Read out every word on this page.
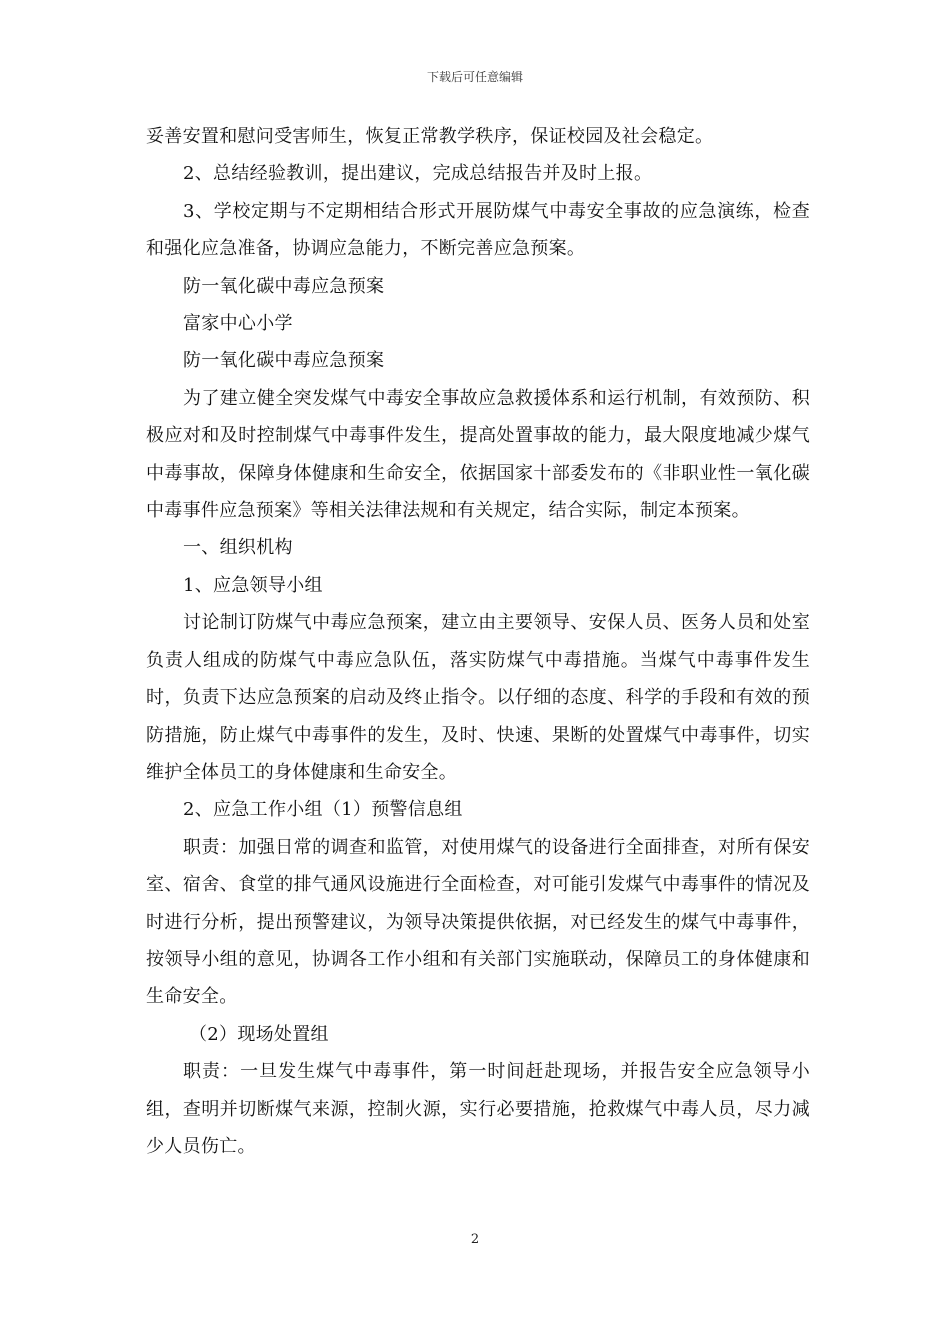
下载后可任意编辑

妥善安置和慰问受害师生，恢复正常教学秩序，保证校园及社会稳定。

2、总结经验教训，提出建议，完成总结报告并及时上报。

3、学校定期与不定期相结合形式开展防煤气中毒安全事故的应急演练，检查和强化应急准备，协调应急能力，不断完善应急预案。

防一氧化碳中毒应急预案

富家中心小学

防一氧化碳中毒应急预案

为了建立健全突发煤气中毒安全事故应急救援体系和运行机制，有效预防、积极应对和及时控制煤气中毒事件发生，提高处置事故的能力，最大限度地减少煤气中毒事故，保障身体健康和生命安全，依据国家十部委发布的《非职业性一氧化碳中毒事件应急预案》等相关法律法规和有关规定，结合实际，制定本预案。

一、组织机构

1、应急领导小组

讨论制订防煤气中毒应急预案，建立由主要领导、安保人员、医务人员和处室负责人组成的防煤气中毒应急队伍，落实防煤气中毒措施。当煤气中毒事件发生时，负责下达应急预案的启动及终止指令。以仔细的态度、科学的手段和有效的预防措施，防止煤气中毒事件的发生，及时、快速、果断的处置煤气中毒事件，切实维护全体员工的身体健康和生命安全。

2、应急工作小组（1）预警信息组

职责：加强日常的调查和监管，对使用煤气的设备进行全面排查，对所有保安室、宿舍、食堂的排气通风设施进行全面检查，对可能引发煤气中毒事件的情况及时进行分析，提出预警建议，为领导决策提供依据，对已经发生的煤气中毒事件，按领导小组的意见，协调各工作小组和有关部门实施联动，保障员工的身体健康和生命安全。

（2）现场处置组

职责：一旦发生煤气中毒事件，第一时间赶赴现场，并报告安全应急领导小组，查明并切断煤气来源，控制火源，实行必要措施，抢救煤气中毒人员，尽力减少人员伤亡。

2
